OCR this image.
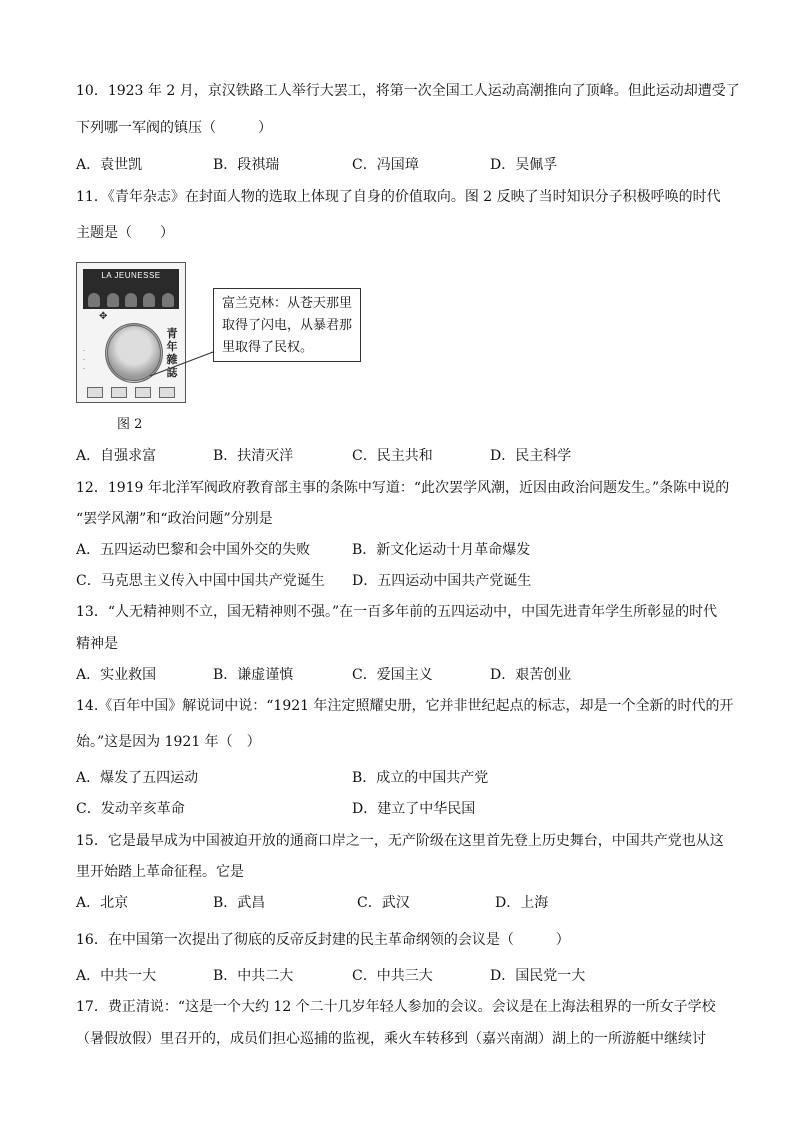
10．1923 年 2 月，京汉铁路工人举行大罢工，将第一次全国工人运动高潮推向了顶峰。但此运动却遭受了
下列哪一军阀的镇压（　　　）
A．袁世凯	B．段祺瑞	C．冯国璋	D．吴佩孚
11．《青年杂志》在封面人物的选取上体现了自身的价值取向。图 2 反映了当时知识分子积极呼唤的时代
主题是（　　）
LA JEUNESSE
✥
青年雜誌
·
·
·
富兰克林：从苍天那里取得了闪电，从暴君那里取得了民权。
图 2
A．自强求富	B．扶清灭洋	C．民主共和	D．民主科学
12．1919 年北洋军阀政府教育部主事的条陈中写道：“此次罢学风潮，近因由政治问题发生。”条陈中说的
“罢学风潮”和“政治问题”分别是
A．五四运动巴黎和会中国外交的失败	B．新文化运动十月革命爆发
C．马克思主义传入中国中国共产党诞生 D．五四运动中国共产党诞生
13．“人无精神则不立，国无精神则不强。”在一百多年前的五四运动中，中国先进青年学生所彰显的时代
精神是
A．实业救国	B．谦虚谨慎	C．爱国主义	D．艰苦创业
14.《百年中国》解说词中说：“1921 年注定照耀史册，它并非世纪起点的标志，却是一个全新的时代的开
始。”这是因为 1921 年（　）
A．爆发了五四运动	B．成立的中国共产党
C．发动辛亥革命	D．建立了中华民国
15．它是最早成为中国被迫开放的通商口岸之一，无产阶级在这里首先登上历史舞台，中国共产党也从这
里开始踏上革命征程。它是
A．北京	B．武昌	C．武汉	D．上海
16．在中国第一次提出了彻底的反帝反封建的民主革命纲领的会议是（　　　）
A．中共一大	B．中共二大	C．中共三大	D．国民党一大
17．费正清说：“这是一个大约 12 个二十几岁年轻人参加的会议。会议是在上海法租界的一所女子学校
（暑假放假）里召开的，成员们担心巡捕的监视，乘火车转移到（嘉兴南湖）湖上的一所游艇中继续讨
